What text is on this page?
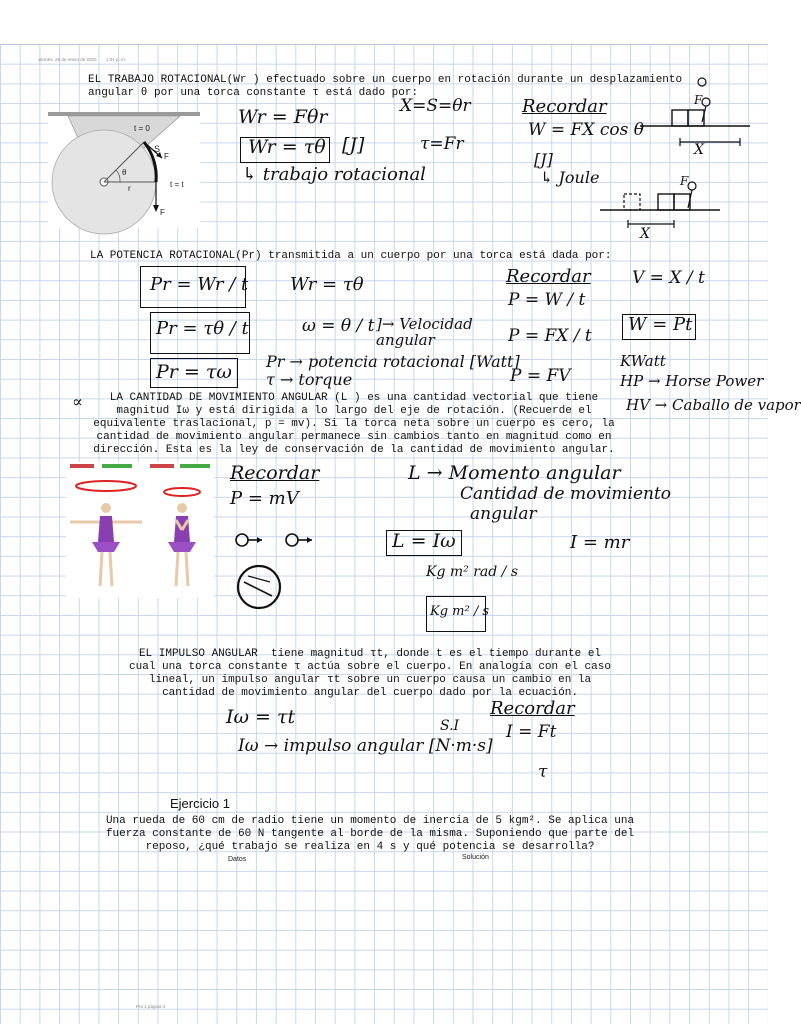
viernes, 26 de enero de 2020 1:01 p. m.
EL TRABAJO ROTACIONAL(Wr ) efectuado sobre un cuerpo en rotación durante un desplazamiento
angular θ por una torca constante τ está dado por:
t = 0
S
F
θ
r	t = t
F
Wr = Fθr
Wr = τθ [J]
↳ trabajo rotacional
X=S=θr
τ=Fr
Recordar
W = FX cos θ
[J]
↳ Joule
F
X
F
X
LA POTENCIA ROTACIONAL(Pr) transmitida a un cuerpo por una torca está dada por:
Pr = Wr / t
Pr = τθ / t
Pr = τω
Wr = τθ
ω = θ / t ]→ Velocidad angular
Pr → potencia rotacional [Watt]
τ → torque
Recordar
P = W / t
P = FX / t
P = FV
V = X / t
W = Pt
KWatt
HP → Horse Power
HV → Caballo de vapor
∝	LA CANTIDAD DE MOVIMIENTO ANGULAR (L ) es una cantidad vectorial que tiene
magnitud Iω y está dirigida a lo largo del eje de rotación. (Recuerde el
equivalente traslacional, p = mv). Si la torca neta sobre un cuerpo es cero, la
cantidad de movimiento angular permanece sin cambios tanto en magnitud como en
dirección. Esta es la ley de conservación de la cantidad de movimiento angular.
Recordar
P = mV
L → Momento angular
Cantidad de movimiento
angular
L = Iω	I = mr
Kg m² rad / s
Kg m² / s
EL IMPULSO ANGULAR  tiene magnitud τt, donde t es el tiempo durante el
cual una torca constante τ actúa sobre el cuerpo. En analogía con el caso
lineal, un impulso angular τt sobre un cuerpo causa un cambio en la
cantidad de movimiento angular del cuerpo dado por la ecuación.
Iω = τt
Iω → impulso angular [N·m·s]
S.I
Recordar
I = Ft
τ
Ejercicio 1
Una rueda de 60 cm de radio tiene un momento de inercia de 5 kgm². Se aplica una
fuerza constante de 60 N tangente al borde de la misma. Suponiendo que parte del
reposo, ¿qué trabajo se realiza en 4 s y qué potencia se desarrolla?
Datos	Solución
Pro 1 página 4
